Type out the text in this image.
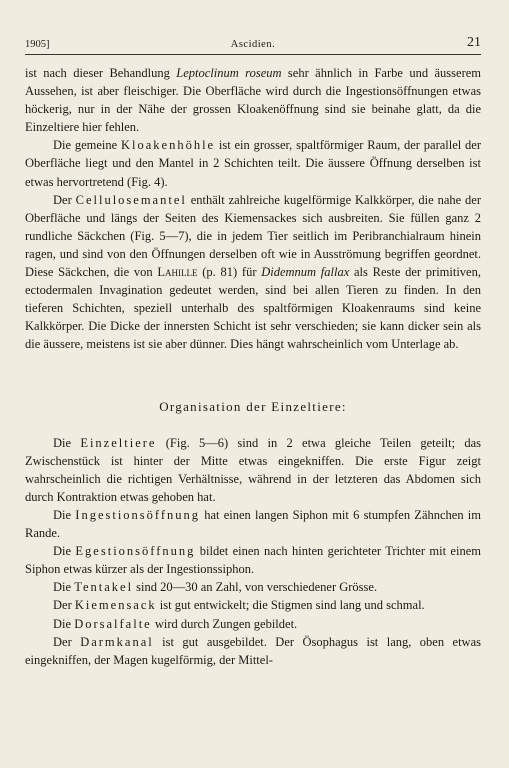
1905]	Ascidien.	21

ist nach dieser Behandlung Leptoclinum roseum sehr ähnlich in Farbe und äusserem Aussehen, ist aber fleischiger. Die Oberfläche wird durch die Ingestionsöffnungen etwas höckerig, nur in der Nähe der grossen Kloakenöffnung sind sie beinahe glatt, da die Einzeltiere hier fehlen.

Die gemeine Kloakenhöhle ist ein grosser, spaltförmiger Raum, der parallel der Oberfläche liegt und den Mantel in 2 Schichten teilt. Die äussere Öffnung derselben ist etwas hervortretend (Fig. 4).

Der Cellulosemantel enthält zahlreiche kugelförmige Kalkkörper, die nahe der Oberfläche und längs der Seiten des Kiemensackes sich ausbreiten. Sie füllen ganz 2 rundliche Säckchen (Fig. 5—7), die in jedem Tier seitlich im Peribranchialraum hinein ragen, und sind von den Öffnungen derselben oft wie in Ausströmung begriffen geordnet. Diese Säckchen, die von Lahille (p. 81) für Didemnum fallax als Reste der primitiven, ectodermalen Invagination gedeutet werden, sind bei allen Tieren zu finden. In den tieferen Schichten, speziell unterhalb des spaltförmigen Kloakenraums sind keine Kalkkörper. Die Dicke der innersten Schicht ist sehr verschieden; sie kann dicker sein als die äussere, meistens ist sie aber dünner. Dies hängt wahrscheinlich vom Unterlage ab.

Organisation der Einzeltiere:

Die Einzeltiere (Fig. 5—6) sind in 2 etwa gleiche Teilen geteilt; das Zwischenstück ist hinter der Mitte etwas eingekniffen. Die erste Figur zeigt wahrscheinlich die richtigen Verhältnisse, während in der letzteren das Abdomen sich durch Kontraktion etwas gehoben hat.

Die Ingestionsöffnung hat einen langen Siphon mit 6 stumpfen Zähnchen im Rande.

Die Egestionsöffnung bildet einen nach hinten gerichteter Trichter mit einem Siphon etwas kürzer als der Ingestionssiphon.

Die Tentakel sind 20—30 an Zahl, von verschiedener Grösse.

Der Kiemensack ist gut entwickelt; die Stigmen sind lang und schmal.

Die Dorsalfalte wird durch Zungen gebildet.

Der Darmkanal ist gut ausgebildet. Der Ösophagus ist lang, oben etwas eingekniffen, der Magen kugelförmig, der Mittel-
